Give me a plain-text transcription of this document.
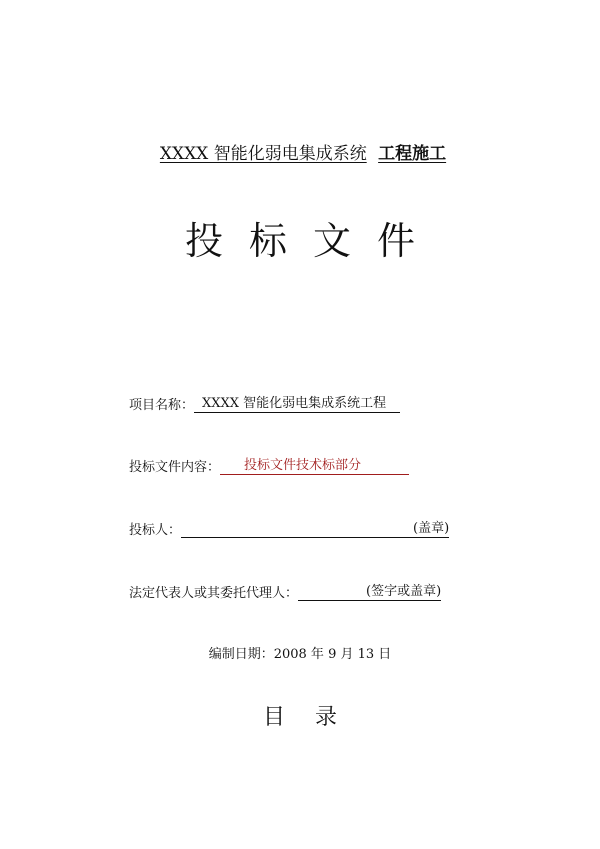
XXXX 智能化弱电集成系统 工程施工
投标文件
项目名称： XXXX 智能化弱电集成系统工程
投标文件内容：	投标文件技术标部分
投标人：	(盖章)
法定代表人或其委托代理人：	(签字或盖章)
编制日期：2008 年 9 月 13 日
目录
